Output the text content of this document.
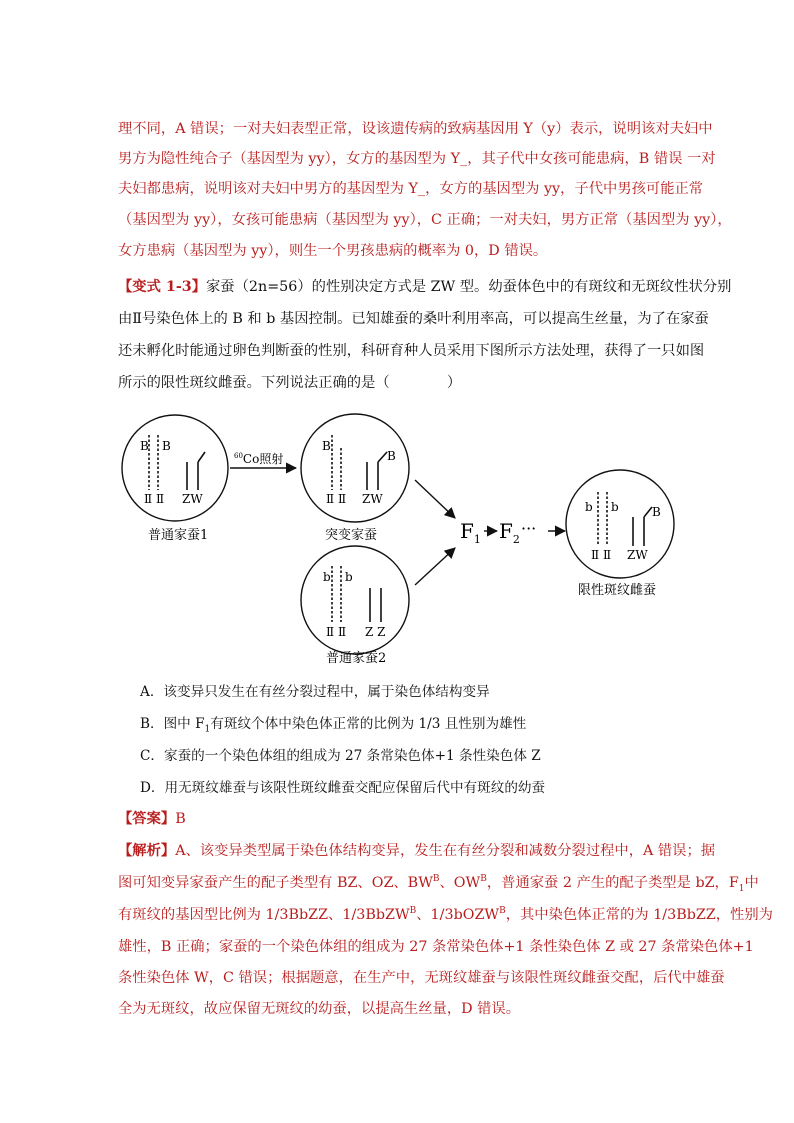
理不同，A 错误；一对夫妇表型正常，设该遗传病的致病基因用 Y（y）表示，说明该对夫妇中
男方为隐性纯合子（基因型为 yy），女方的基因型为 Y_，其子代中女孩可能患病，B 错误 一对
夫妇都患病，说明该对夫妇中男方的基因型为 Y_，女方的基因型为 yy，子代中男孩可能正常
（基因型为 yy），女孩可能患病（基因型为 yy），C 正确；一对夫妇，男方正常（基因型为 yy），
女方患病（基因型为 yy），则生一个男孩患病的概率为 0，D 错误。
【变式 1-3】家蚕（2n=56）的性别决定方式是 ZW 型。幼蚕体色中的有斑纹和无斑纹性状分别
由Ⅱ号染色体上的 B 和 b 基因控制。已知雄蚕的桑叶利用率高，可以提高生丝量，为了在家蚕
还未孵化时能通过卵色判断蚕的性别，科研育种人员采用下图所示方法处理，获得了一只如图
所示的限性斑纹雌蚕。下列说法正确的是（　　　　）
B B
Ⅱ Ⅱ ZW
普通家蚕1
$^{60}$Co照射
B
B
Ⅱ Ⅱ ZW
突变家蚕
b b
Ⅱ Ⅱ Z Z
普通家蚕2
$F_1$ $F_2$
···
b b	B
Ⅱ Ⅱ ZW
限性斑纹雌蚕
A．该变异只发生在有丝分裂过程中，属于染色体结构变异
B．图中 $F_1$有斑纹个体中染色体正常的比例为 1/3 且性别为雄性
C．家蚕的一个染色体组的组成为 27 条常染色体+1 条性染色体 Z
D．用无斑纹雄蚕与该限性斑纹雌蚕交配应保留后代中有斑纹的幼蚕
【答案】B
【解析】A、该变异类型属于染色体结构变异，发生在有丝分裂和减数分裂过程中，A 错误；据
图可知变异家蚕产生的配子类型有 BZ、OZ、$BW^B$、$OW^B$，普通家蚕 2 产生的配子类型是 bZ，$F_1$中
有斑纹的基因型比例为 1/3BbZZ、1/3BbZW$^B$、1/3bOZW$^B$，其中染色体正常的为 1/3BbZZ，性别为
雄性，B 正确；家蚕的一个染色体组的组成为 27 条常染色体+1 条性染色体 Z 或 27 条常染色体+1
条性染色体 W，C 错误；根据题意，在生产中，无斑纹雄蚕与该限性斑纹雌蚕交配，后代中雄蚕
全为无斑纹，故应保留无斑纹的幼蚕，以提高生丝量，D 错误。
